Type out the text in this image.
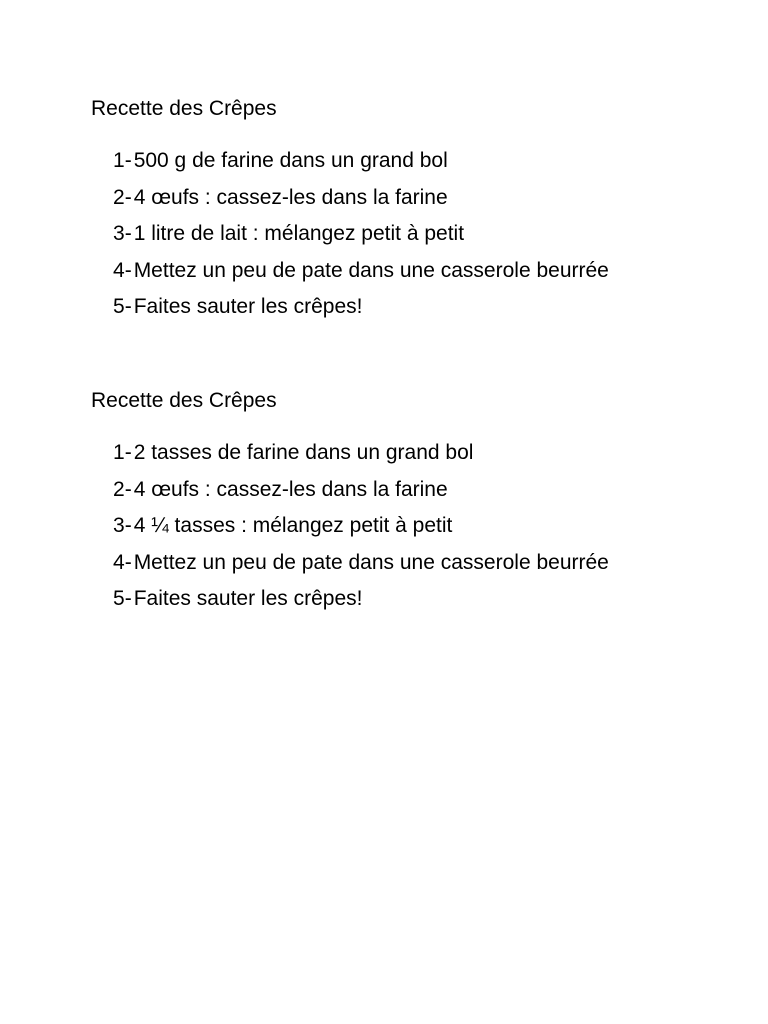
Recette des Crêpes
1-500 g de farine dans un grand bol
2-4 œufs : cassez-les dans la farine
3-1 litre de lait : mélangez petit à petit
4-Mettez un peu de pate dans une casserole beurrée
5-Faites sauter les crêpes!
Recette des Crêpes
1-2 tasses de farine dans un grand bol
2-4 œufs : cassez-les dans la farine
3-4 ¼ tasses : mélangez petit à petit
4-Mettez un peu de pate dans une casserole beurrée
5-Faites sauter les crêpes!
